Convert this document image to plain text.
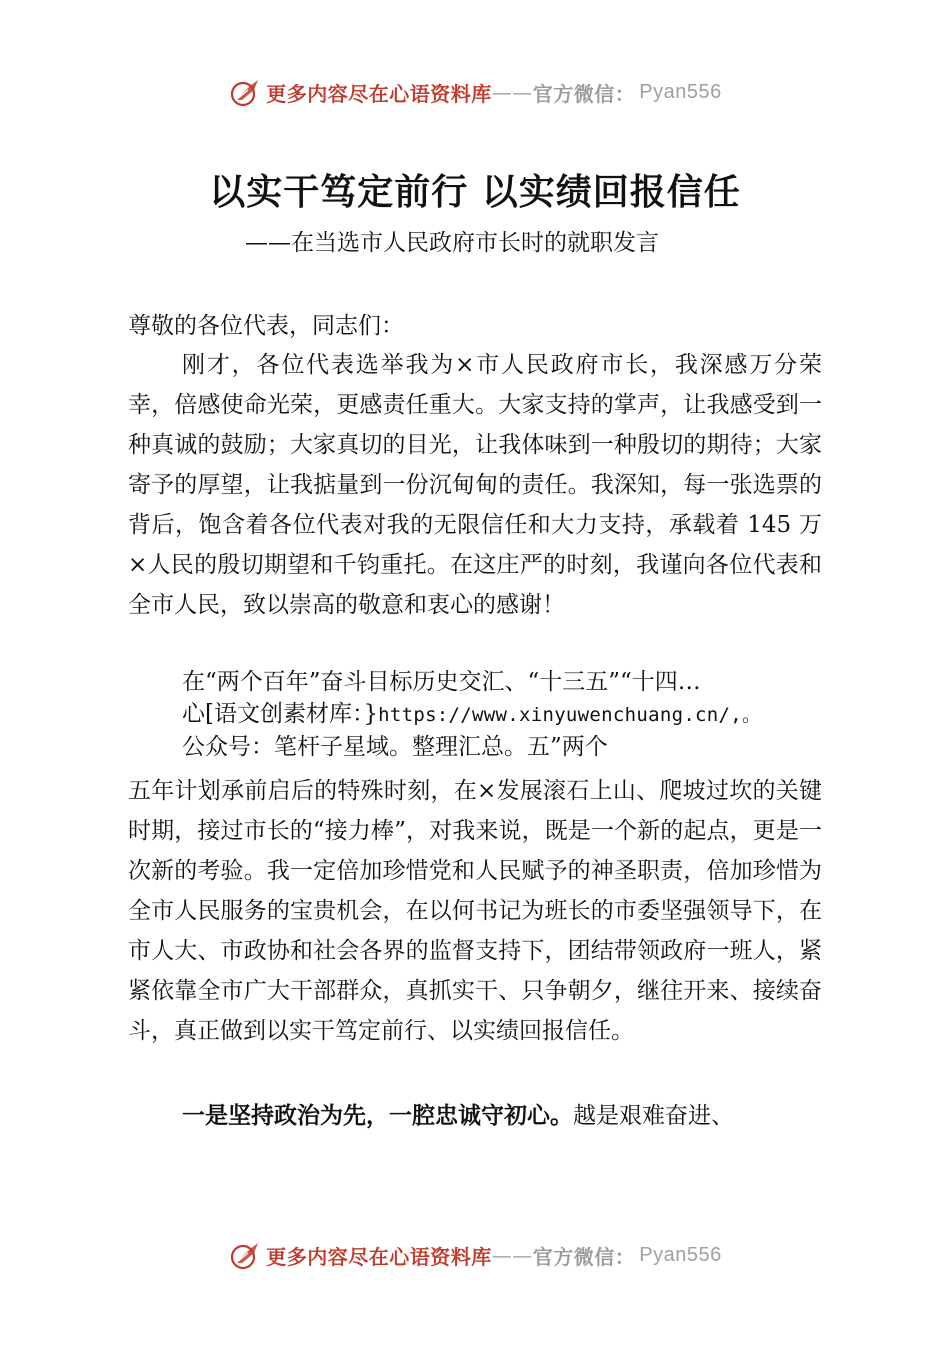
更多内容尽在心语资料库 —— 官方微信： Pyan556
以实干笃定前行 以实绩回报信任
——在当选市人民政府市长时的就职发言

尊敬的各位代表，同志们：

刚才，各位代表选举我为×市人民政府市长，我深感万分荣幸，倍感使命光荣，更感责任重大。大家支持的掌声，让我感受到一种真诚的鼓励；大家真切的目光，让我体味到一种殷切的期待；大家寄予的厚望，让我掂量到一份沉甸甸的责任。我深知，每一张选票的背后，饱含着各位代表对我的无限信任和大力支持，承载着 145 万×人民的殷切期望和千钧重托。在这庄严的时刻，我谨向各位代表和全市人民，致以崇高的敬意和衷心的感谢！

在“两个百年”奋斗目标历史交汇、“十三五”“十四…
心[语文创素材库：}https://www.xinyuwenchuang.cn/,。
公众号：笔杆子星域。整理汇总。五”两个

五年计划承前启后的特殊时刻，在×发展滚石上山、爬坡过坎的关键时期，接过市长的“接力棒”，对我来说，既是一个新的起点，更是一次新的考验。我一定倍加珍惜党和人民赋予的神圣职责，倍加珍惜为全市人民服务的宝贵机会，在以何书记为班长的市委坚强领导下，在市人大、市政协和社会各界的监督支持下，团结带领政府一班人，紧紧依靠全市广大干部群众，真抓实干、只争朝夕，继往开来、接续奋斗，真正做到以实干笃定前行、以实绩回报信任。

一是坚持政治为先，一腔忠诚守初心。越是艰难奋进、

更多内容尽在心语资料库 —— 官方微信： Pyan556
